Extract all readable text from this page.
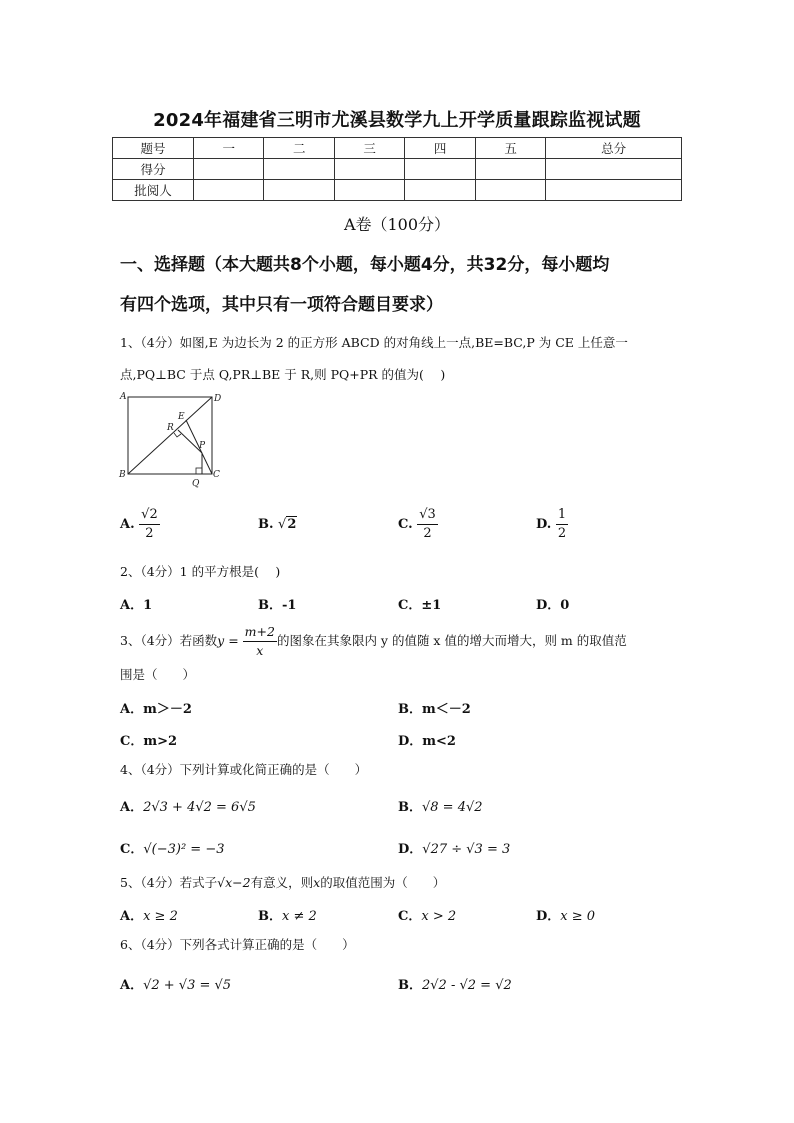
2024年福建省三明市尤溪县数学九上开学质量跟踪监视试题
题号	一	二	三	四	五	总分
得分						
批阅人						
A卷（100分）
一、选择题（本大题共8个小题，每小题4分，共32分，每小题均
有四个选项，其中只有一项符合题目要求）
1、（4分）如图,E 为边长为 2 的正方形 ABCD 的对角线上一点,BE=BC,P 为 CE 上任意一
点,PQ⊥BC 于点 Q,PR⊥BE 于 R,则 PQ+PR 的值为(　 )
A	D
E
R
P
B
Q
C
A. $\frac{√2}{2}$	B. √2	C. $\frac{√3}{2}$	D. $\frac{1}{2}$
2、（4分）1 的平方根是(　 )
A．1	B．-1	C．±1	D．0
3、（4分）若函数$y = \frac{m+2}{x}$ 的图象在其象限内 y 的值随 x 值的增大而增大，则 m 的取值范
围是（　　）
A．m＞－2	B．m＜－2
C．m>2	D．m<2
4、（4分）下列计算或化简正确的是（　　）
A．2√3 + 4√2 = 6√5	B．√8 = 4√2
C．√(−3)² = −3	D．√27 ÷ √3 = 3
5、（4分）若式子√x−2有意义，则x的取值范围为（　　）
A．x ≥ 2	B．x ≠ 2	C．x > 2	D．x ≥ 0
6、（4分）下列各式计算正确的是（　　）
A．√2 + √3 = √5	B．2√2 - √2 = √2
